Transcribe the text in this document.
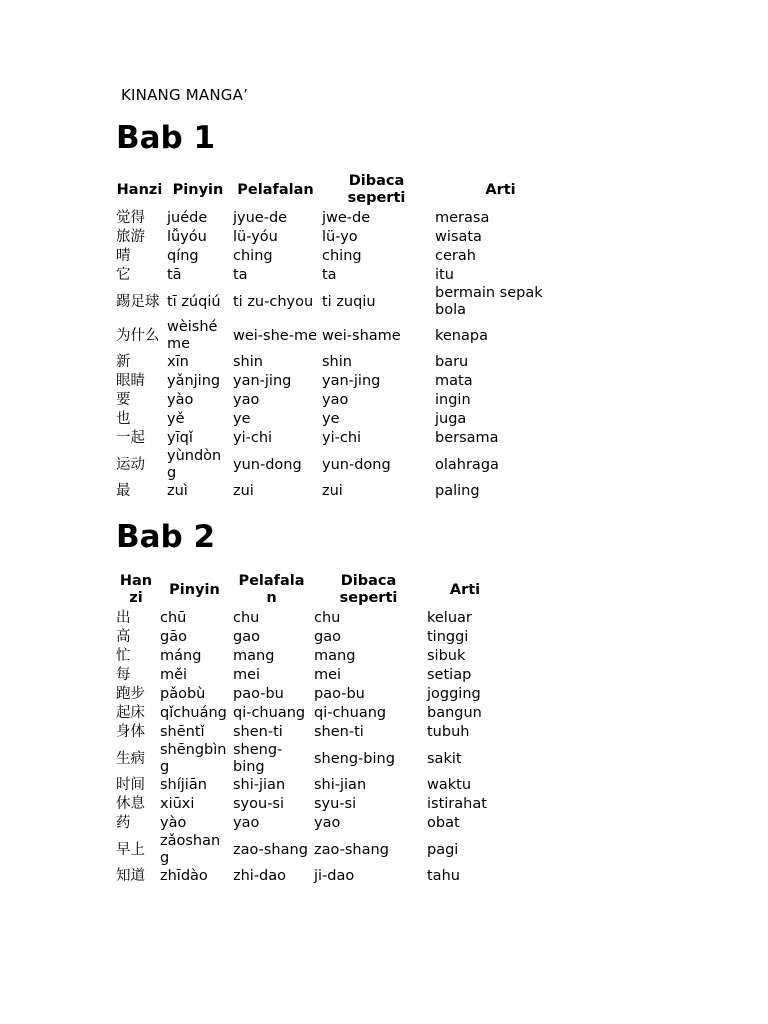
KINANG MANGA’
Bab 1
Hanzi	Pinyin	Pelafalan	Dibaca seperti	Arti
觉得	juéde	jyue-de	jwe-de	merasa
旅游	lǚyóu	lü-yóu	lü-yo	wisata
晴	qíng	ching	ching	cerah
它	tā	ta	ta	itu
踢足球	tī zúqiú	ti zu-chyou	ti zuqiu	bermain sepak bola
为什么	wèishé me	wei-she-me	wei-shame	kenapa
新	xīn	shin	shin	baru
眼睛	yǎnjing	yan-jing	yan-jing	mata
要	yào	yao	yao	ingin
也	yě	ye	ye	juga
一起	yīqǐ	yi-chi	yi-chi	bersama
运动	yùndòn g	yun-dong	yun-dong	olahraga
最	zuì	zui	zui	paling
Bab 2
Han zi	Pinyin	Pelafala n	Dibaca seperti	Arti
出	chū	chu	chu	keluar
高	gāo	gao	gao	tinggi
忙	máng	mang	mang	sibuk
每	měi	mei	mei	setiap
跑步	pǎobù	pao-bu	pao-bu	jogging
起床	qǐchuáng	qi-chuang	qi-chuang	bangun
身体	shēntǐ	shen-ti	shen-ti	tubuh
生病	shēngbìn g	sheng-bing	sheng-bing	sakit
时间	shíjiān	shi-jian	shi-jian	waktu
休息	xiūxi	syou-si	syu-si	istirahat
药	yào	yao	yao	obat
早上	zǎoshan g	zao-shang	zao-shang	pagi
知道	zhīdào	zhi-dao	ji-dao	tahu
